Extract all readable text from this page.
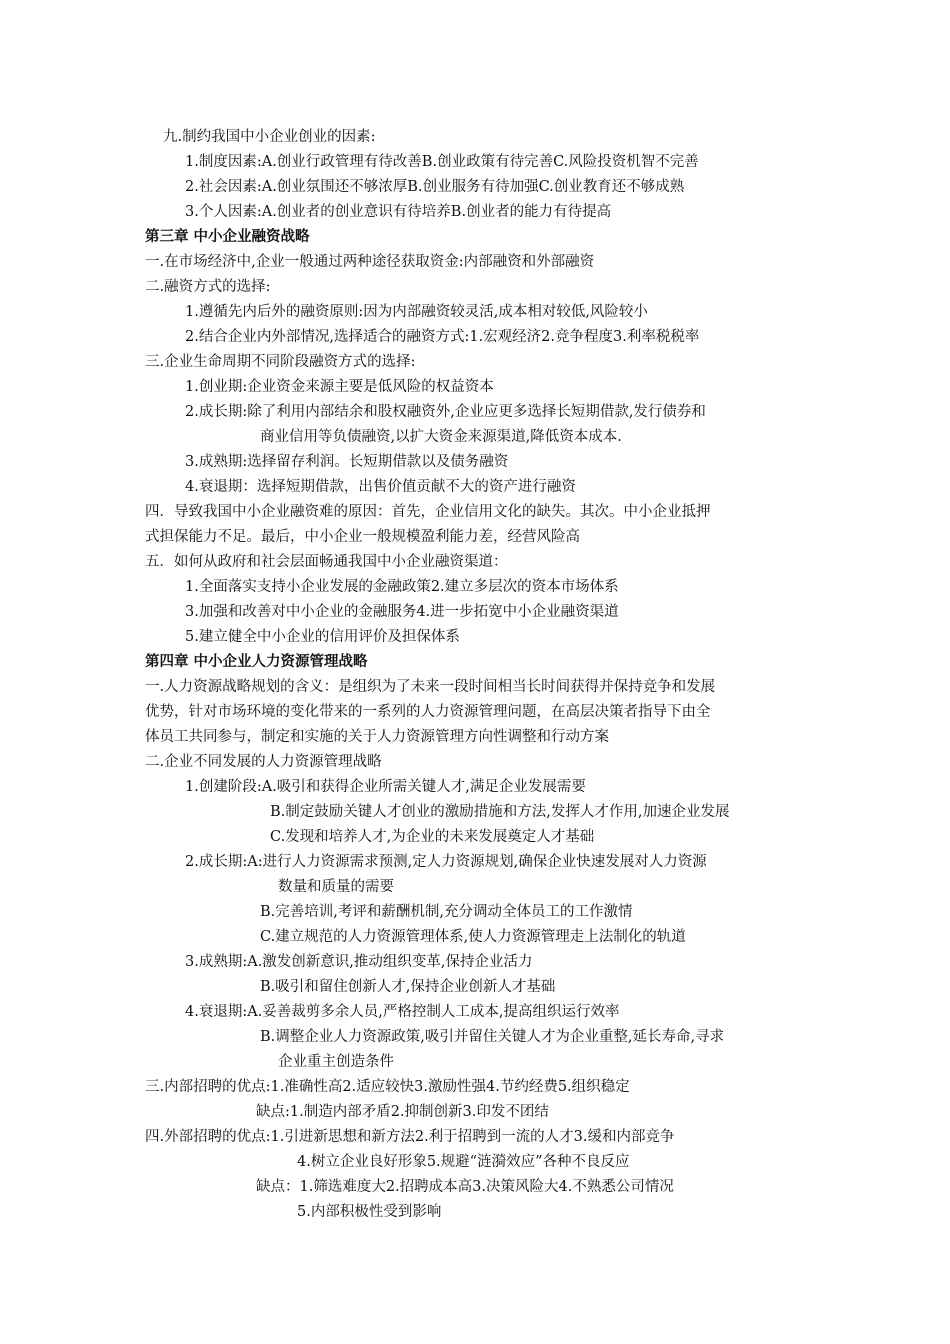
九.制约我国中小企业创业的因素:
1.制度因素:A.创业行政管理有待改善B.创业政策有待完善C.风险投资机智不完善
2.社会因素:A.创业氛围还不够浓厚B.创业服务有待加强C.创业教育还不够成熟
3.个人因素:A.创业者的创业意识有待培养B.创业者的能力有待提高
第三章 中小企业融资战略
一.在市场经济中,企业一般通过两种途径获取资金:内部融资和外部融资
二.融资方式的选择:
1.遵循先内后外的融资原则:因为内部融资较灵活,成本相对较低,风险较小
2.结合企业内外部情况,选择适合的融资方式:1.宏观经济2.竞争程度3.利率税税率
三.企业生命周期不同阶段融资方式的选择:
1.创业期:企业资金来源主要是低风险的权益资本
2.成长期:除了利用内部结余和股权融资外,企业应更多选择长短期借款,发行债券和
商业信用等负债融资,以扩大资金来源渠道,降低资本成本.
3.成熟期:选择留存利润。长短期借款以及债务融资
4.衰退期：选择短期借款，出售价值贡献不大的资产进行融资
四．导致我国中小企业融资难的原因：首先，企业信用文化的缺失。其次。中小企业抵押
式担保能力不足。最后，中小企业一般规模盈利能力差，经营风险高
五．如何从政府和社会层面畅通我国中小企业融资渠道：
1.全面落实支持小企业发展的金融政策2.建立多层次的资本市场体系
3.加强和改善对中小企业的金融服务4.进一步拓宽中小企业融资渠道
5.建立健全中小企业的信用评价及担保体系
第四章 中小企业人力资源管理战略
一.人力资源战略规划的含义：是组织为了未来一段时间相当长时间获得并保持竞争和发展
优势，针对市场环境的变化带来的一系列的人力资源管理问题，在高层决策者指导下由全
体员工共同参与，制定和实施的关于人力资源管理方向性调整和行动方案
二.企业不同发展的人力资源管理战略
1.创建阶段:A.吸引和获得企业所需关键人才,满足企业发展需要
B.制定鼓励关键人才创业的激励措施和方法,发挥人才作用,加速企业发展
C.发现和培养人才,为企业的未来发展奠定人才基础
2.成长期:A:进行人力资源需求预测,定人力资源规划,确保企业快速发展对人力资源
数量和质量的需要
B.完善培训,考评和薪酬机制,充分调动全体员工的工作激情
C.建立规范的人力资源管理体系,使人力资源管理走上法制化的轨道
3.成熟期:A.激发创新意识,推动组织变革,保持企业活力
B.吸引和留住创新人才,保持企业创新人才基础
4.衰退期:A.妥善裁剪多余人员,严格控制人工成本,提高组织运行效率
B.调整企业人力资源政策,吸引并留住关键人才为企业重整,延长寿命,寻求
企业重主创造条件
三.内部招聘的优点:1.准确性高2.适应较快3.激励性强4.节约经费5.组织稳定
缺点:1.制造内部矛盾2.抑制创新3.印发不团结
四.外部招聘的优点:1.引进新思想和新方法2.利于招聘到一流的人才3.缓和内部竞争
4.树立企业良好形象5.规避“涟漪效应”各种不良反应
缺点：1.筛选难度大2.招聘成本高3.决策风险大4.不熟悉公司情况
5.内部积极性受到影响
